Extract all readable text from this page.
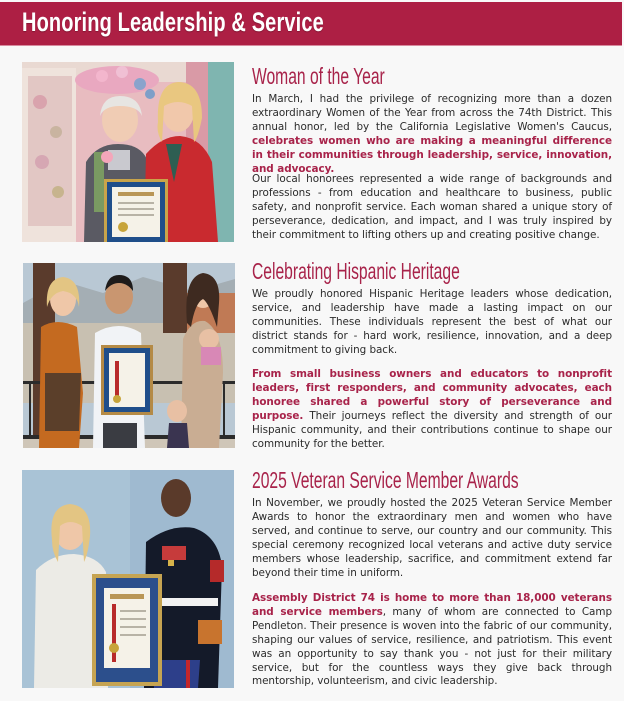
Honoring Leadership & Service
Woman of the Year

In March, I had the privilege of recognizing more than a dozen extraordinary Women of the Year from across the 74th District. This annual honor, led by the California Legislative Women's Caucus, celebrates women who are making a meaningful difference in their communities through leadership, service, innovation, and advocacy.

Our local honorees represented a wide range of backgrounds and professions - from education and healthcare to business, public safety, and nonprofit service. Each woman shared a unique story of perseverance, dedication, and impact, and I was truly inspired by their commitment to lifting others up and creating positive change.

Celebrating Hispanic Heritage

We proudly honored Hispanic Heritage leaders whose dedication, service, and leadership have made a lasting impact on our communities. These individuals represent the best of what our district stands for - hard work, resilience, innovation, and a deep commitment to giving back.

From small business owners and educators to nonprofit leaders, first responders, and community advocates, each honoree shared a powerful story of perseverance and purpose. Their journeys reflect the diversity and strength of our Hispanic community, and their contributions continue to shape our community for the better.

2025 Veteran Service Member Awards

In November, we proudly hosted the 2025 Veteran Service Member Awards to honor the extraordinary men and women who have served, and continue to serve, our country and our community. This special ceremony recognized local veterans and active duty service members whose leadership, sacrifice, and commitment extend far beyond their time in uniform.

Assembly District 74 is home to more than 18,000 veterans and service members, many of whom are connected to Camp Pendleton. Their presence is woven into the fabric of our community, shaping our values of service, resilience, and patriotism. This event was an opportunity to say thank you - not just for their military service, but for the countless ways they give back through mentorship, volunteerism, and civic leadership.
